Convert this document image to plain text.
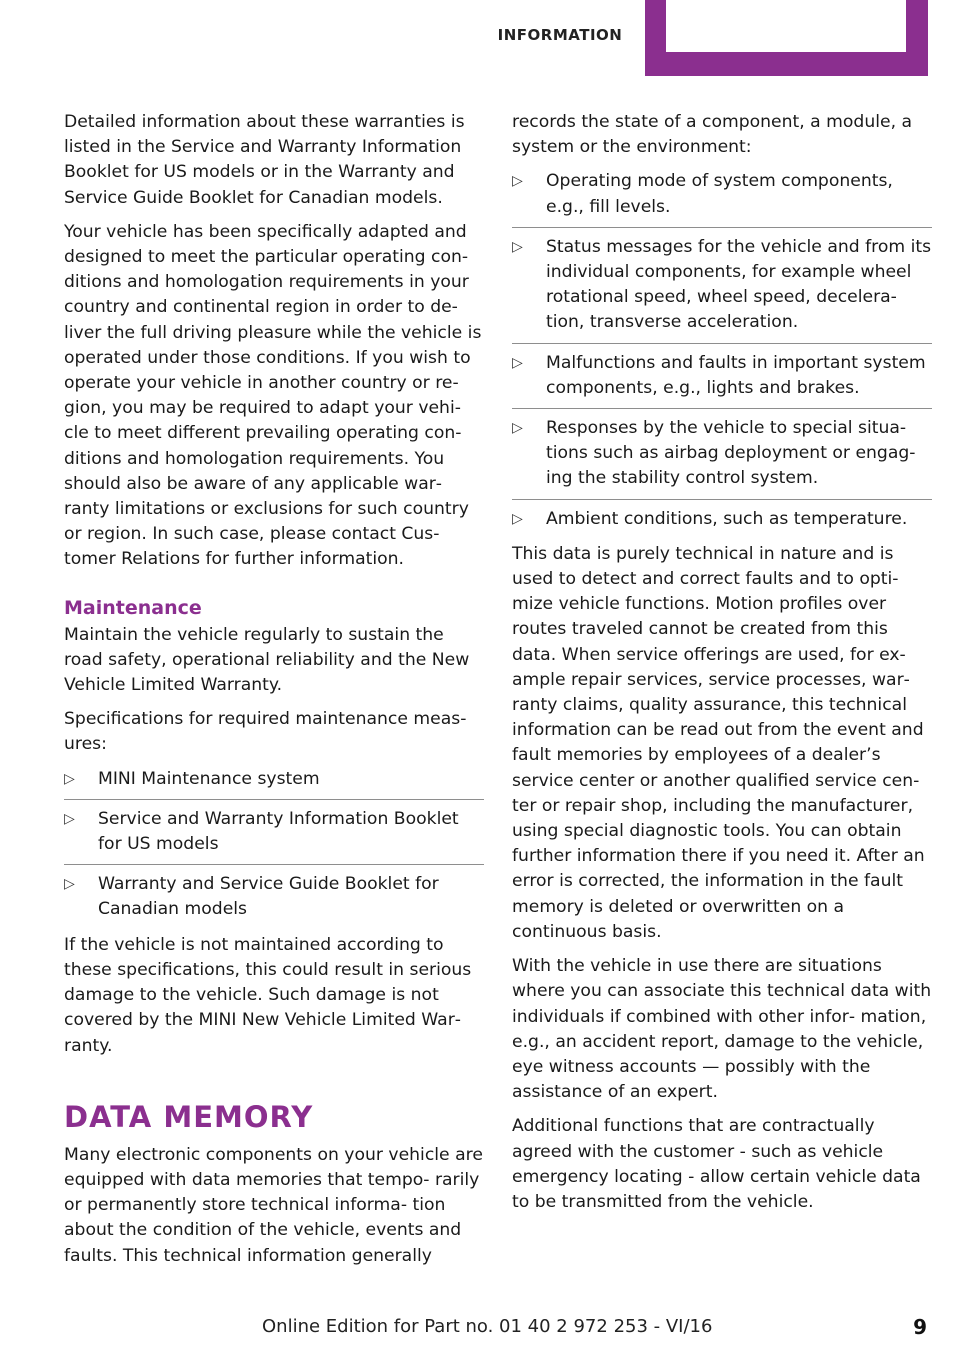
INFORMATION

Detailed information about these warranties is listed in the Service and Warranty Information Booklet for US models or in the Warranty and Service Guide Booklet for Canadian models.

Your vehicle has been specifically adapted and designed to meet the particular operating con‐ ditions and homologation requirements in your country and continental region in order to de‐ liver the full driving pleasure while the vehicle is operated under those conditions. If you wish to operate your vehicle in another country or re‐ gion, you may be required to adapt your vehi‐ cle to meet different prevailing operating con‐ ditions and homologation requirements. You should also be aware of any applicable war‐ ranty limitations or exclusions for such country or region. In such case, please contact Cus‐ tomer Relations for further information.

Maintenance

Maintain the vehicle regularly to sustain the road safety, operational reliability and the New Vehicle Limited Warranty.

Specifications for required maintenance meas‐ ures:

▷	MINI Maintenance system
▷	Service and Warranty Information Booklet for US models
▷	Warranty and Service Guide Booklet for Canadian models

If the vehicle is not maintained according to these specifications, this could result in serious damage to the vehicle. Such damage is not covered by the MINI New Vehicle Limited War‐ ranty.

DATA MEMORY

Many electronic components on your vehicle are equipped with data memories that tempo‐ rarily or permanently store technical informa‐ tion about the condition of the vehicle, events and faults. This technical information generally

records the state of a component, a module, a system or the environment:

▷	Operating mode of system components, e.g., fill levels.
▷	Status messages for the vehicle and from its individual components, for example wheel rotational speed, wheel speed, decelera‐ tion, transverse acceleration.
▷	Malfunctions and faults in important system components, e.g., lights and brakes.
▷	Responses by the vehicle to special situa‐ tions such as airbag deployment or engag‐ ing the stability control system.
▷	Ambient conditions, such as temperature.

This data is purely technical in nature and is used to detect and correct faults and to opti‐ mize vehicle functions. Motion profiles over routes traveled cannot be created from this data. When service offerings are used, for ex‐ ample repair services, service processes, war‐ ranty claims, quality assurance, this technical information can be read out from the event and fault memories by employees of a dealer’s service center or another qualified service cen‐ ter or repair shop, including the manufacturer, using special diagnostic tools. You can obtain further information there if you need it. After an error is corrected, the information in the fault memory is deleted or overwritten on a continuous basis.

With the vehicle in use there are situations where you can associate this technical data with individuals if combined with other infor‐ mation, e.g., an accident report, damage to the vehicle, eye witness accounts — possibly with the assistance of an expert.

Additional functions that are contractually agreed with the customer - such as vehicle emergency locating - allow certain vehicle data to be transmitted from the vehicle.

Online Edition for Part no. 01 40 2 972 253 - VI/16	9
